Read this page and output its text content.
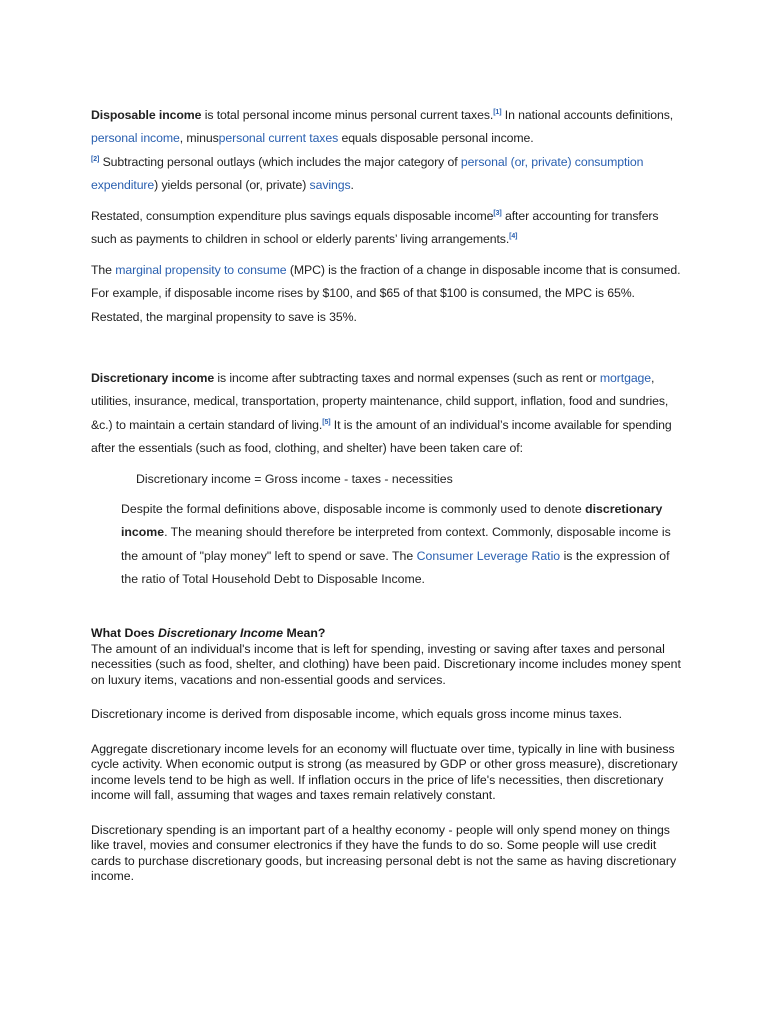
Disposable income is total personal income minus personal current taxes.[1] In national accounts definitions, personal income, minuspersonal current taxes equals disposable personal income.
[2] Subtracting personal outlays (which includes the major category of personal (or, private) consumption expenditure) yields personal (or, private) savings.

Restated, consumption expenditure plus savings equals disposable income[3] after accounting for transfers such as payments to children in school or elderly parents’ living arrangements.[4]

The marginal propensity to consume (MPC) is the fraction of a change in disposable income that is consumed. For example, if disposable income rises by $100, and $65 of that $100 is consumed, the MPC is 65%. Restated, the marginal propensity to save is 35%.

Discretionary income is income after subtracting taxes and normal expenses (such as rent or mortgage, utilities, insurance, medical, transportation, property maintenance, child support, inflation, food and sundries, &c.) to maintain a certain standard of living.[5] It is the amount of an individual’s income available for spending after the essentials (such as food, clothing, and shelter) have been taken care of:

Discretionary income = Gross income - taxes - necessities
Despite the formal definitions above, disposable income is commonly used to denote discretionary income. The meaning should therefore be interpreted from context. Commonly, disposable income is the amount of "play money" left to spend or save. The Consumer Leverage Ratio is the expression of the ratio of Total Household Debt to Disposable Income.

What Does Discretionary Income Mean?

The amount of an individual's income that is left for spending, investing or saving after taxes and personal necessities (such as food, shelter, and clothing) have been paid. Discretionary income includes money spent on luxury items, vacations and non-essential goods and services.

Discretionary income is derived from disposable income, which equals gross income minus taxes.

Aggregate discretionary income levels for an economy will fluctuate over time, typically in line with business cycle activity. When economic output is strong (as measured by GDP or other gross measure), discretionary income levels tend to be high as well. If inflation occurs in the price of life's necessities, then discretionary income will fall, assuming that wages and taxes remain relatively constant.

Discretionary spending is an important part of a healthy economy - people will only spend money on things like travel, movies and consumer electronics if they have the funds to do so. Some people will use credit cards to purchase discretionary goods, but increasing personal debt is not the same as having discretionary income.
